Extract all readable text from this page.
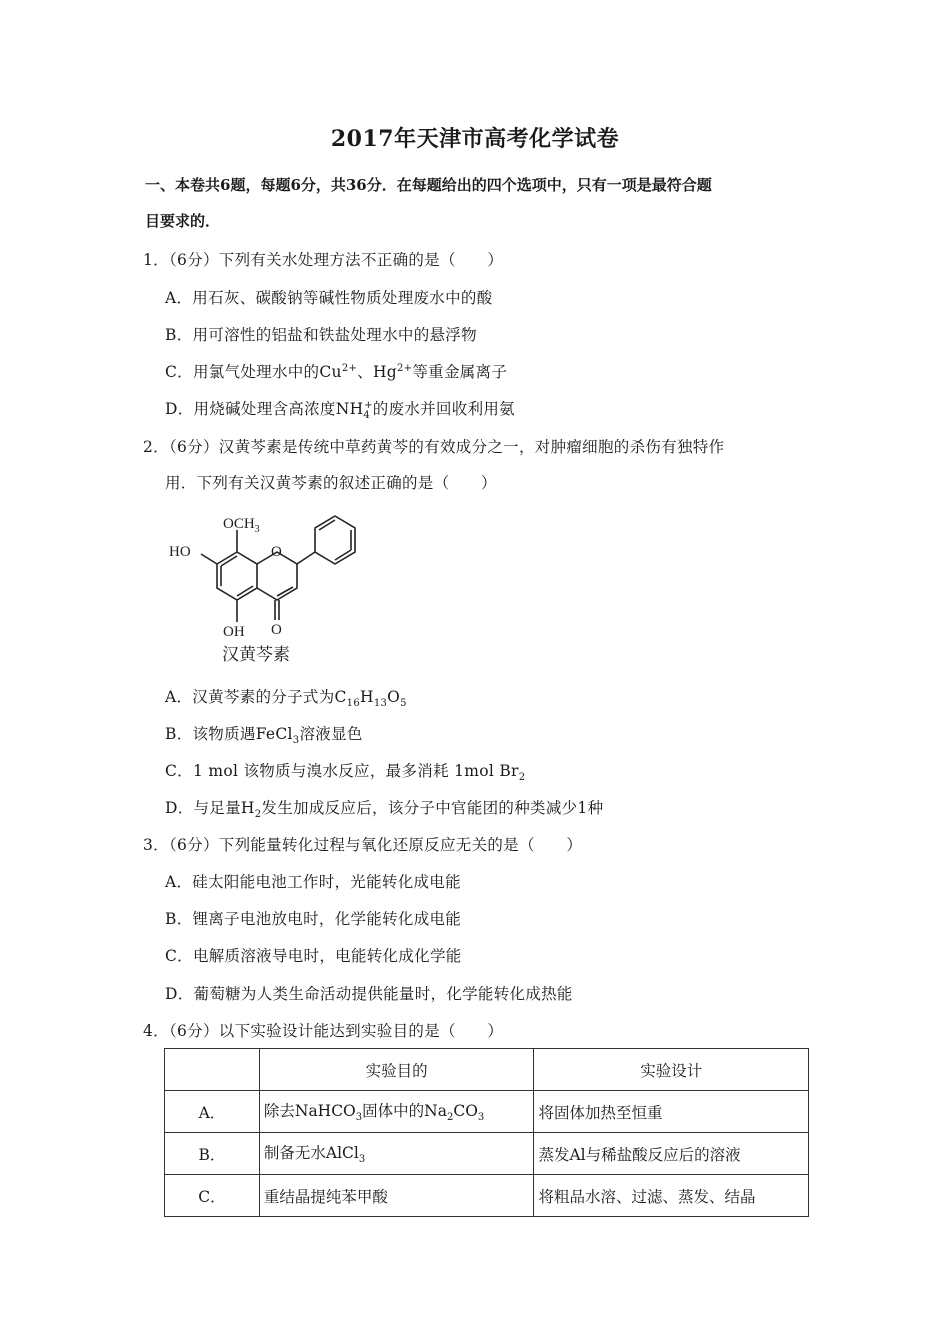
2017年天津市高考化学试卷
一、本卷共6题，每题6分，共36分．在每题给出的四个选项中，只有一项是最符合题
目要求的．
1．（6分）下列有关水处理方法不正确的是（　　）
A．用石灰、碳酸钠等碱性物质处理废水中的酸
B．用可溶性的铝盐和铁盐处理水中的悬浮物
C．用氯气处理水中的$Cu^{2+}$、$Hg^{2+}$等重金属离子
D．用烧碱处理含高浓度$NH_4^+$的废水并回收利用氨
2．（6分）汉黄芩素是传统中草药黄芩的有效成分之一，对肿瘤细胞的杀伤有独特作
用．下列有关汉黄芩素的叙述正确的是（　　）
$OCH_3$
HO	O
OH O
汉黄芩素
A．汉黄芩素的分子式为$C_{16}H_{13}O_5$
B．该物质遇FeCl$_3$溶液显色
C．1 mol 该物质与溴水反应，最多消耗 1mol $Br_2$
D．与足量$H_2$发生加成反应后，该分子中官能团的种类减少1种
3．（6分）下列能量转化过程与氧化还原反应无关的是（　　）
A．硅太阳能电池工作时，光能转化成电能
B．锂离子电池放电时，化学能转化成电能
C．电解质溶液导电时，电能转化成化学能
D．葡萄糖为人类生命活动提供能量时，化学能转化成热能
4．（6分）以下实验设计能达到实验目的是（　　）
	实验目的	实验设计
A．	除去NaHCO$_3$固体中的$Na_2CO_3$	将固体加热至恒重
B．	制备无水AlCl$_3$	蒸发Al与稀盐酸反应后的溶液
C．	重结晶提纯苯甲酸	将粗品水溶、过滤、蒸发、结晶
